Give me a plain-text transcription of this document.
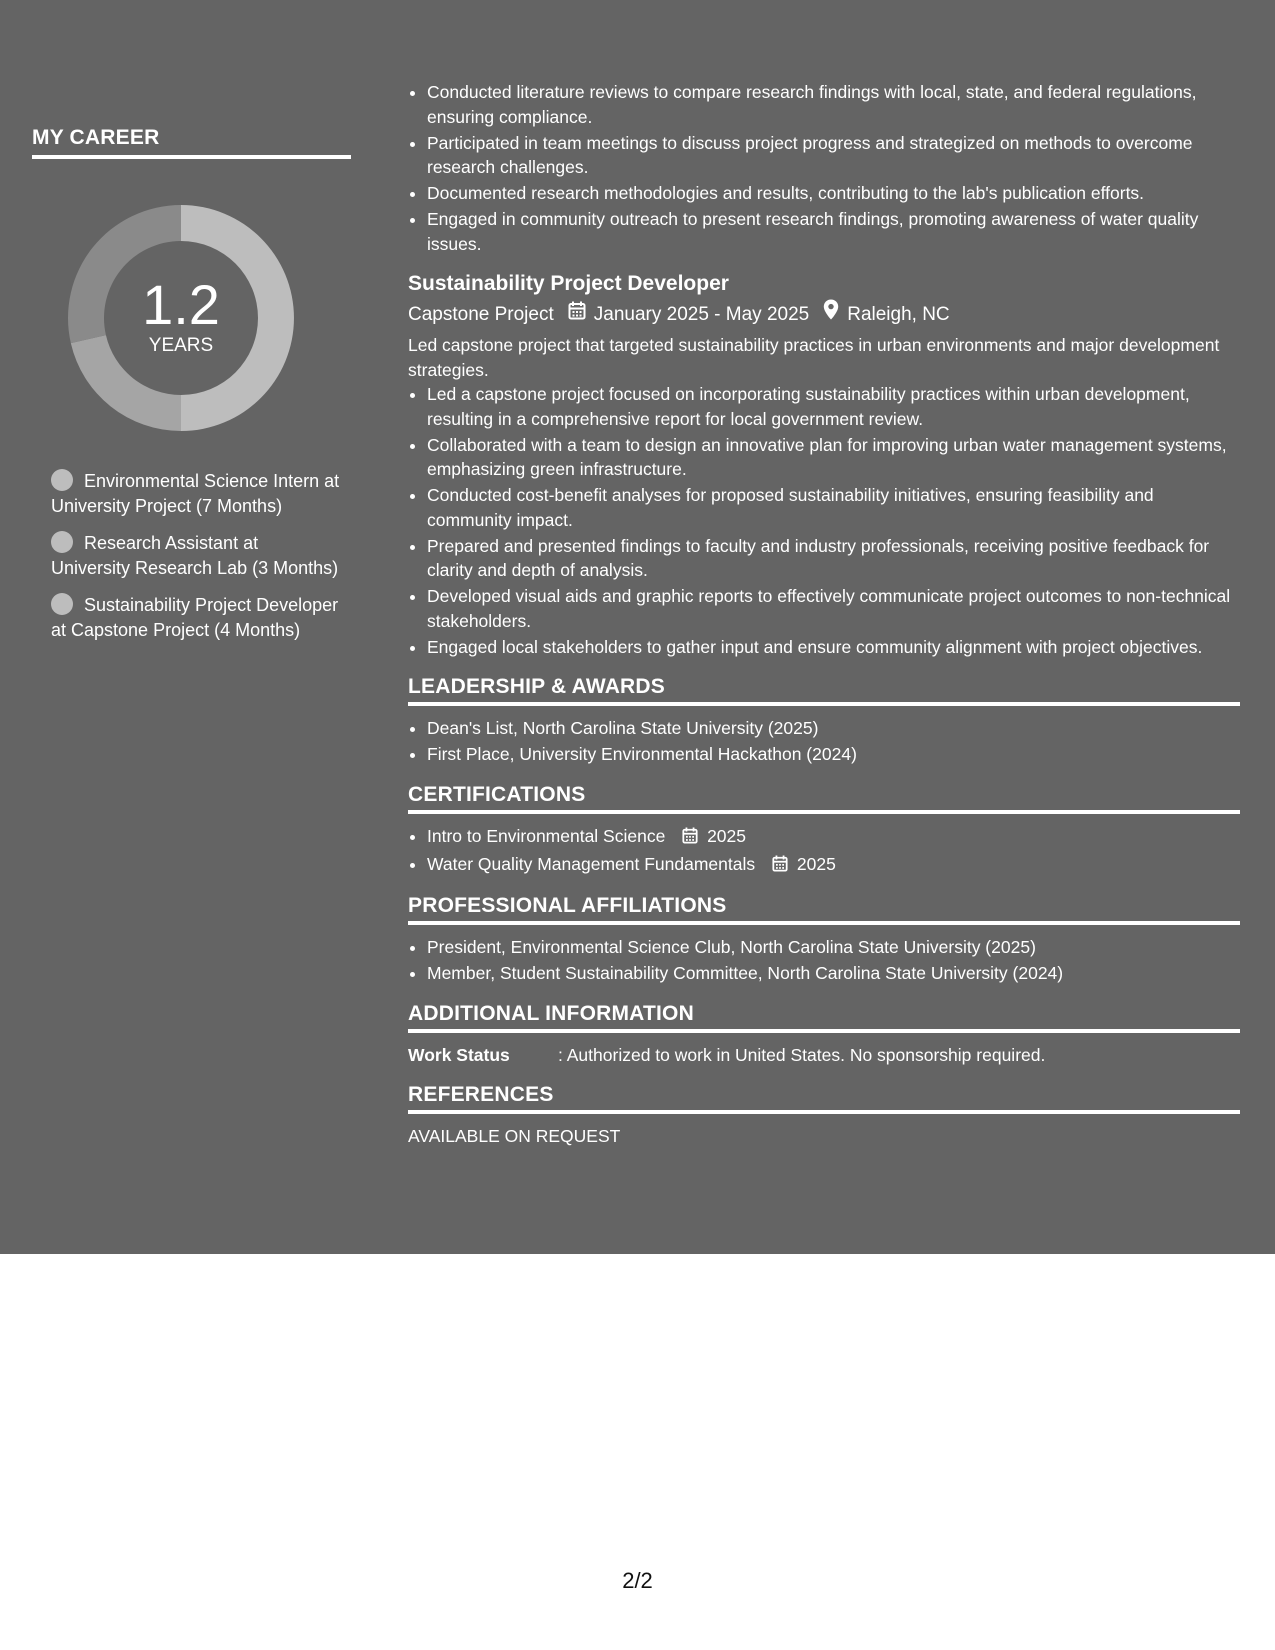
MY CAREER
1.2
YEARS
Environmental Science Intern at University Project (7 Months)
Research Assistant at University Research Lab (3 Months)
Sustainability Project Developer at Capstone Project (4 Months)
• Conducted literature reviews to compare research findings with local, state, and federal regulations, ensuring compliance.
• Participated in team meetings to discuss project progress and strategized on methods to overcome research challenges.
• Documented research methodologies and results, contributing to the lab's publication efforts.
• Engaged in community outreach to present research findings, promoting awareness of water quality issues.
Sustainability Project Developer
Capstone Project January 2025 - May 2025 Raleigh, NC
Led capstone project that targeted sustainability practices in urban environments and major development strategies.
• Led a capstone project focused on incorporating sustainability practices within urban development, resulting in a comprehensive report for local government review.
• Collaborated with a team to design an innovative plan for improving urban water management systems, emphasizing green infrastructure.
• Conducted cost-benefit analyses for proposed sustainability initiatives, ensuring feasibility and community impact.
• Prepared and presented findings to faculty and industry professionals, receiving positive feedback for clarity and depth of analysis.
• Developed visual aids and graphic reports to effectively communicate project outcomes to non-technical stakeholders.
• Engaged local stakeholders to gather input and ensure community alignment with project objectives.
LEADERSHIP & AWARDS
• Dean's List, North Carolina State University (2025)
• First Place, University Environmental Hackathon (2024)
CERTIFICATIONS
• Intro to Environmental Science 2025
• Water Quality Management Fundamentals 2025
PROFESSIONAL AFFILIATIONS
• President, Environmental Science Club, North Carolina State University (2025)
• Member, Student Sustainability Committee, North Carolina State University (2024)
ADDITIONAL INFORMATION
Work Status	: Authorized to work in United States. No sponsorship required.
REFERENCES
AVAILABLE ON REQUEST
2/2
